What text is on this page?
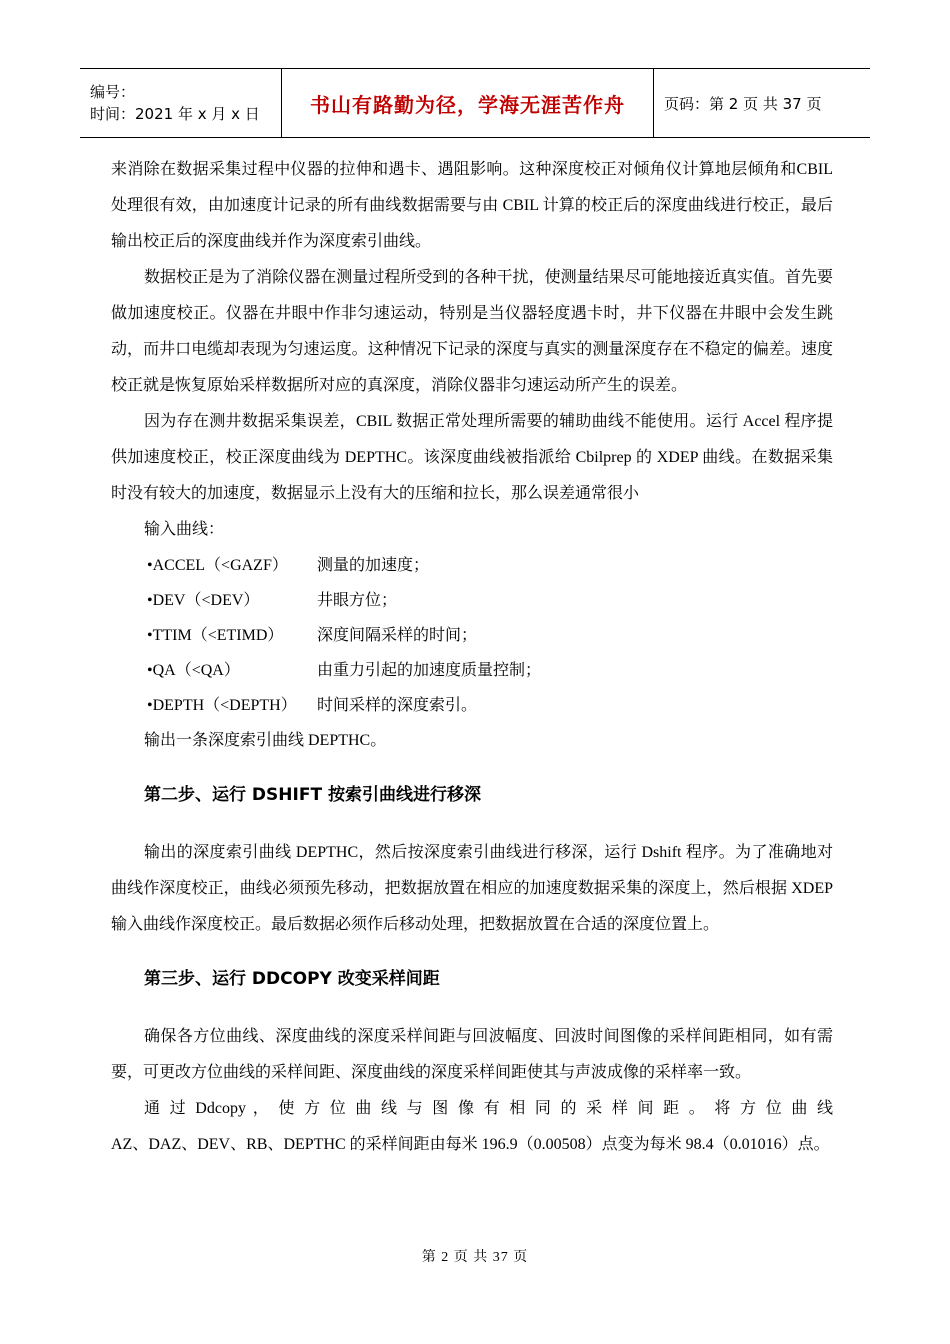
编号：
时间：2021 年 x 月 x 日	书山有路勤为径，学海无涯苦作舟	页码：第 2 页 共 37 页

来消除在数据采集过程中仪器的拉伸和遇卡、遇阻影响。这种深度校正对倾角仪计算地层倾角和CBIL 处理很有效，由加速度计记录的所有曲线数据需要与由 CBIL 计算的校正后的深度曲线进行校正，最后输出校正后的深度曲线并作为深度索引曲线。

数据校正是为了消除仪器在测量过程所受到的各种干扰，使测量结果尽可能地接近真实值。首先要做加速度校正。仪器在井眼中作非匀速运动，特别是当仪器轻度遇卡时，井下仪器在井眼中会发生跳动，而井口电缆却表现为匀速运度。这种情况下记录的深度与真实的测量深度存在不稳定的偏差。速度校正就是恢复原始采样数据所对应的真深度，消除仪器非匀速运动所产生的误差。

因为存在测井数据采集误差，CBIL 数据正常处理所需要的辅助曲线不能使用。运行 Accel 程序提供加速度校正，校正深度曲线为 DEPTHC。该深度曲线被指派给 Cbilprep 的 XDEP 曲线。在数据采集时没有较大的加速度，数据显示上没有大的压缩和拉长，那么误差通常很小

输入曲线：

•ACCEL（<GAZF）	测量的加速度；
•DEV（<DEV）	井眼方位；
•TTIM（<ETIMD）	深度间隔采样的时间；
•QA（<QA）	由重力引起的加速度质量控制；
•DEPTH（<DEPTH）	时间采样的深度索引。

输出一条深度索引曲线 DEPTHC。

第二步、运行 DSHIFT 按索引曲线进行移深

输出的深度索引曲线 DEPTHC，然后按深度索引曲线进行移深，运行 Dshift 程序。为了准确地对曲线作深度校正，曲线必须预先移动，把数据放置在相应的加速度数据采集的深度上，然后根据 XDEP 输入曲线作深度校正。最后数据必须作后移动处理，把数据放置在合适的深度位置上。

第三步、运行 DDCOPY 改变采样间距

确保各方位曲线、深度曲线的深度采样间距与回波幅度、回波时间图像的采样间距相同，如有需要，可更改方位曲线的采样间距、深度曲线的深度采样间距使其与声波成像的采样率一致。

通 过 Ddcopy ， 使 方 位 曲 线 与 图 像 有 相 同 的 采 样 间 距 。 将 方 位 曲 线

AZ、DAZ、DEV、RB、DEPTHC 的采样间距由每米 196.9（0.00508）点变为每米 98.4（0.01016）点。

第 2 页 共 37 页
